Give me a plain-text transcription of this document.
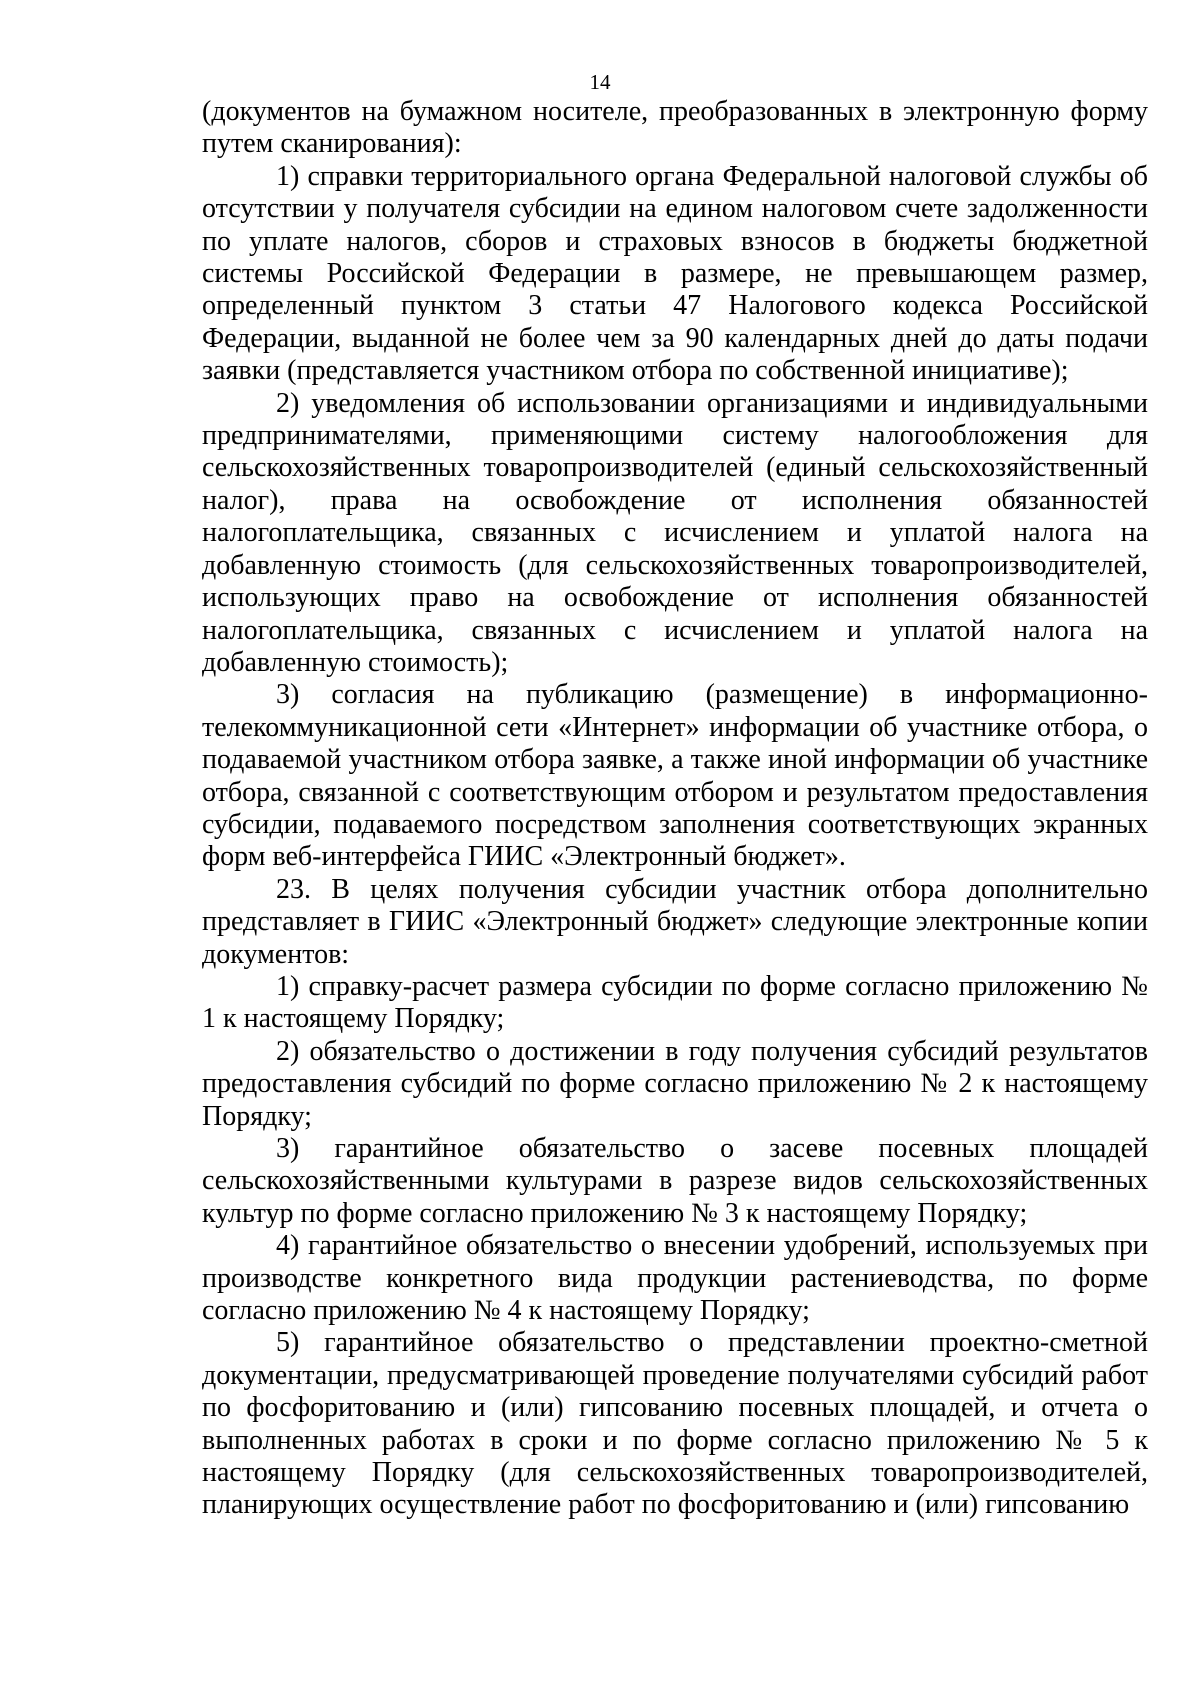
14

(документов на бумажном носителе, преобразованных в электронную форму путем сканирования):

1) справки территориального органа Федеральной налоговой службы об отсутствии у получателя субсидии на едином налоговом счете задолженности по уплате налогов, сборов и страховых взносов в бюджеты бюджетной системы Российской Федерации в размере, не превышающем размер, определенный пунктом 3 статьи 47 Налогового кодекса Российской Федерации, выданной не более чем за 90 календарных дней до даты подачи заявки (представляется участником отбора по собственной инициативе);

2) уведомления об использовании организациями и индивидуальными предпринимателями, применяющими систему налогообложения для сельскохозяйственных товаропроизводителей (единый сельскохозяйственный налог), права на освобождение от исполнения обязанностей налогоплательщика, связанных с исчислением и уплатой налога на добавленную стоимость (для сельскохозяйственных товаропроизводителей, использующих право на освобождение от исполнения обязанностей налогоплательщика, связанных с исчислением и уплатой налога на добавленную стоимость);

3) согласия на публикацию (размещение) в информационно-телекоммуникационной сети «Интернет» информации об участнике отбора, о подаваемой участником отбора заявке, а также иной информации об участнике отбора, связанной с соответствующим отбором и результатом предоставления субсидии, подаваемого посредством заполнения соответствующих экранных форм веб-интерфейса ГИИС «Электронный бюджет».

23. В целях получения субсидии участник отбора дополнительно представляет в ГИИС «Электронный бюджет» следующие электронные копии документов:

1) справку-расчет размера субсидии по форме согласно приложению № 1 к настоящему Порядку;

2) обязательство о достижении в году получения субсидий результатов предоставления субсидий по форме согласно приложению № 2 к настоящему Порядку;

3) гарантийное обязательство о засеве посевных площадей сельскохозяйственными культурами в разрезе видов сельскохозяйственных культур по форме согласно приложению № 3 к настоящему Порядку;

4) гарантийное обязательство о внесении удобрений, используемых при производстве конкретного вида продукции растениеводства, по форме согласно приложению № 4 к настоящему Порядку;

5) гарантийное обязательство о представлении проектно-сметной документации, предусматривающей проведение получателями субсидий работ по фосфоритованию и (или) гипсованию посевных площадей, и отчета о выполненных работах в сроки и по форме согласно приложению № 5 к настоящему Порядку (для сельскохозяйственных товаропроизводителей, планирующих осуществление работ по фосфоритованию и (или) гипсованию
